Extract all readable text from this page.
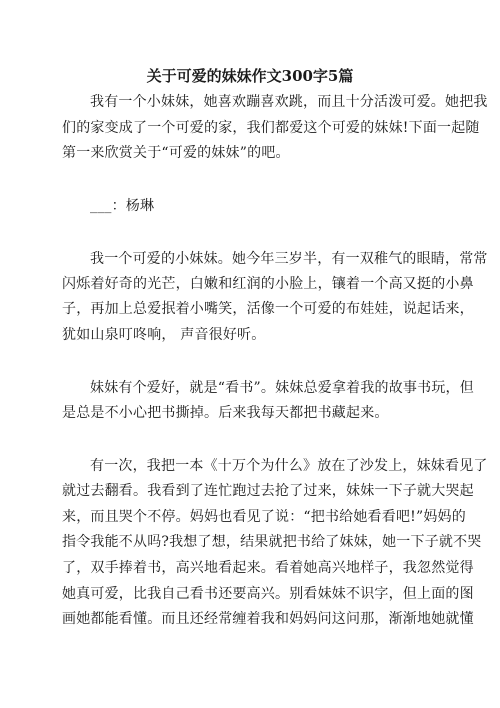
关于可爱的妹妹作文300字5篇
我有一个小妹妹，她喜欢蹦喜欢跳，而且十分活泼可爱。她把我
们的家变成了一个可爱的家，我们都爱这个可爱的妹妹!下面一起随
第一来欣赏关于“可爱的妹妹”的吧。
___：杨琳
我一个可爱的小妹妹。她今年三岁半，有一双稚气的眼睛，常常
闪烁着好奇的光芒，白嫩和红润的小脸上，镶着一个高又挺的小鼻
子，再加上总爱抿着小嘴笑，活像一个可爱的布娃娃，说起话来，
犹如山泉叮咚响， 声音很好听。
妹妹有个爱好，就是“看书”。妹妹总爱拿着我的故事书玩，但
是总是不小心把书撕掉。后来我每天都把书藏起来。
有一次，我把一本《十万个为什么》放在了沙发上，妹妹看见了
就过去翻看。我看到了连忙跑过去抢了过来，妹妹一下子就大哭起
来，而且哭个不停。妈妈也看见了说：“把书给她看看吧!”妈妈的
指令我能不从吗?我想了想，结果就把书给了妹妹，她一下子就不哭
了，双手捧着书，高兴地看起来。看着她高兴地样子，我忽然觉得
她真可爱，比我自己看书还要高兴。别看妹妹不识字，但上面的图
画她都能看懂。而且还经常缠着我和妈妈问这问那，渐渐地她就懂
